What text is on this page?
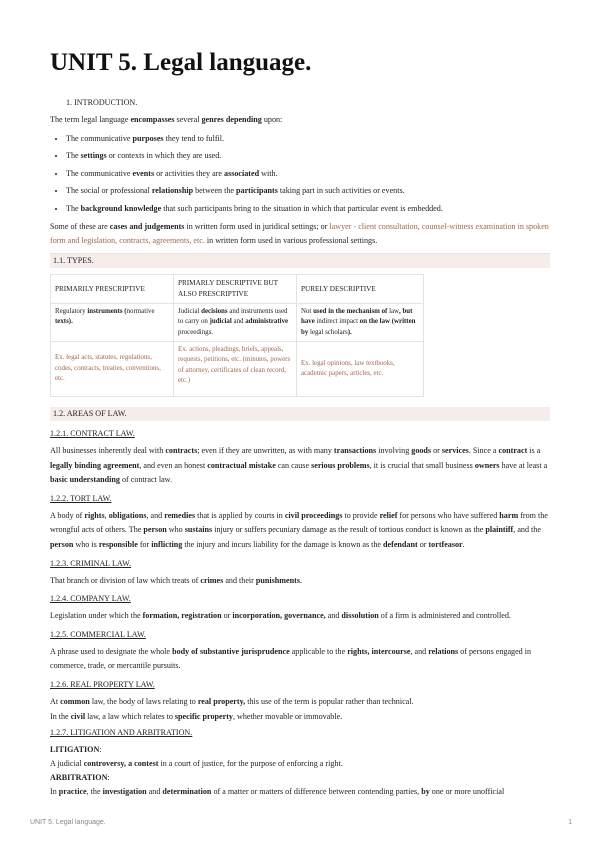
UNIT 5. Legal language.
1. INTRODUCTION.
The term legal language encompasses several genres depending upon:
• The communicative purposes they tend to fulfil.
• The settings or contexts in which they are used.
• The communicative events or activities they are associated with.
• The social or professional relationship between the participants taking part in such activities or events.
• The background knowledge that such participants bring to the situation in which that particular event is embedded.
Some of these are cases and judgements in written form used in juridical settings; or lawyer - client consultation, counsel-witness examination in spoken form and legislation, contracts, agreements, etc. in written form used in various professional settings.
1.1. TYPES.
PRIMARILY PRESCRIPTIVE	PRIMARLY DESCRIPTIVE BUT ALSO PRESCRIPTIVE	PURELY DESCRIPTIVE
Regulatory instruments (normative texts).	Judicial decisions and instruments used to carry on judicial and administrative proceedings.	Not used in the mechanism of law, but have indirect impact on the law (written by legal scholars).
Ex. legal acts, statutes, regulations, codes, contracts, treaties, conventions, etc.	Ex. actions, pleadings, briefs, appeals, requests, petitions, etc. (minutes, powers of attorney, certificates of clean record, etc.)	Ex. legal opinions, law textbooks, academic papers, articles, etc.
1.2. AREAS OF LAW.
1.2.1. CONTRACT LAW.
All businesses inherently deal with contracts; even if they are unwritten, as with many transactions involving goods or services. Since a contract is a legally binding agreement, and even an honest contractual mistake can cause serious problems, it is crucial that small business owners have at least a basic understanding of contract law.
1.2.2. TORT LAW.
A body of rights, obligations, and remedies that is applied by courts in civil proceedings to provide relief for persons who have suffered harm from the wrongful acts of others. The person who sustains injury or suffers pecuniary damage as the result of tortious conduct is known as the plaintiff, and the person who is responsible for inflicting the injury and incurs liability for the damage is known as the defendant or tortfeasor.
1.2.3. CRIMINAL LAW.
That branch or division of law which treats of crimes and their punishments.
1.2.4. COMPANY LAW.
Legislation under which the formation, registration or incorporation, governance, and dissolution of a firm is administered and controlled.
1.2.5. COMMERCIAL LAW.
A phrase used to designate the whole body of substantive jurisprudence applicable to the rights, intercourse, and relations of persons engaged in commerce, trade, or mercantile pursuits.
1.2.6. REAL PROPERTY LAW.
At common law, the body of laws relating to real property, this use of the term is popular rather than technical.
In the civil law, a law which relates to specific property, whether movable or immovable.
1.2.7. LITIGATION AND ARBITRATION.
LITIGATION:
A judicial controversy, a contest in a court of justice, for the purpose of enforcing a right.
ARBITRATION:
In practice, the investigation and determination of a matter or matters of difference between contending parties, by one or more unofficial
UNIT 5. Legal language.	1
